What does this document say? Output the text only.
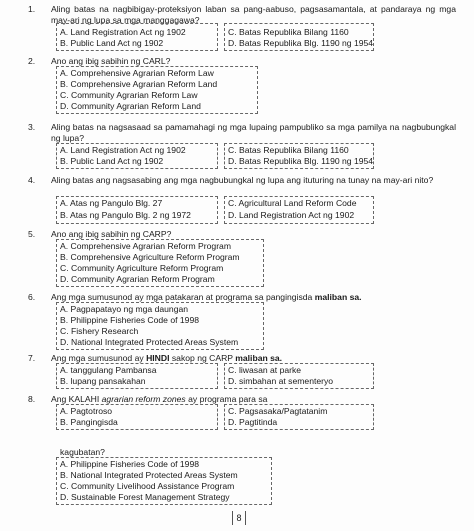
1. Aling batas na nagbibigay-proteksiyon laban sa pang-aabuso, pagsasamantala, at pandaraya ng mga may-ari ng lupa sa mga manggagawa?
A. Land Registration Act ng 1902	C. Batas Republika Bilang 1160
B. Public Land Act ng 1902	D. Batas Republika Blg. 1190 ng 1954
2. Ano ang ibig sabihin ng CARL?
A. Comprehensive Agrarian Reform Law
B. Comprehensive Agrarian Reform Land
C. Community Agrarian Reform Law
D. Community Agrarian Reform Land
3. Aling batas na nagsasaad sa pamamahagi ng mga lupaing pampubliko sa mga pamilya na nagbubungkal ng lupa?
A. Land Registration Act ng 1902	C. Batas Republika Bilang 1160
B. Public Land Act ng 1902	D. Batas Republika Blg. 1190 ng 1954
4. Aling batas ang nagsasabing ang mga nagbubungkal ng lupa ang ituturing na tunay na may-ari nito?
A. Atas ng Pangulo Blg. 27	C. Agricultural Land Reform Code
B. Atas ng Pangulo Blg. 2 ng 1972	D. Land Registration Act ng 1902
5. Ano ang ibig sabihin ng CARP?
A. Comprehensive Agrarian Reform Program
B. Comprehensive Agriculture Reform Program
C. Community Agriculture Reform Program
D. Community Agrarian Reform Program
6. Ang mga sumusunod ay mga patakaran at programa sa pangingisda maliban sa.
A. Pagpapatayo ng mga daungan
B. Philippine Fisheries Code of 1998
C. Fishery Research
D. National Integrated Protected Areas System
7. Ang mga sumusunod ay HINDI sakop ng CARP maliban sa.
A. tanggulang Pambansa	C. liwasan at parke
B. lupang pansakahan	D. simbahan at sementeryo
8. Ang KALAHI agrarian reform zones ay programa para sa
A. Pagtotroso	C. Pagsasaka/Pagtatanim
B. Pangingisda	D. Pagtitinda
kagubatan?
A. Philippine Fisheries Code of 1998
B. National Integrated Protected Areas System
C. Community Livelihood Assistance Program
D. Sustainable Forest Management Strategy
8
